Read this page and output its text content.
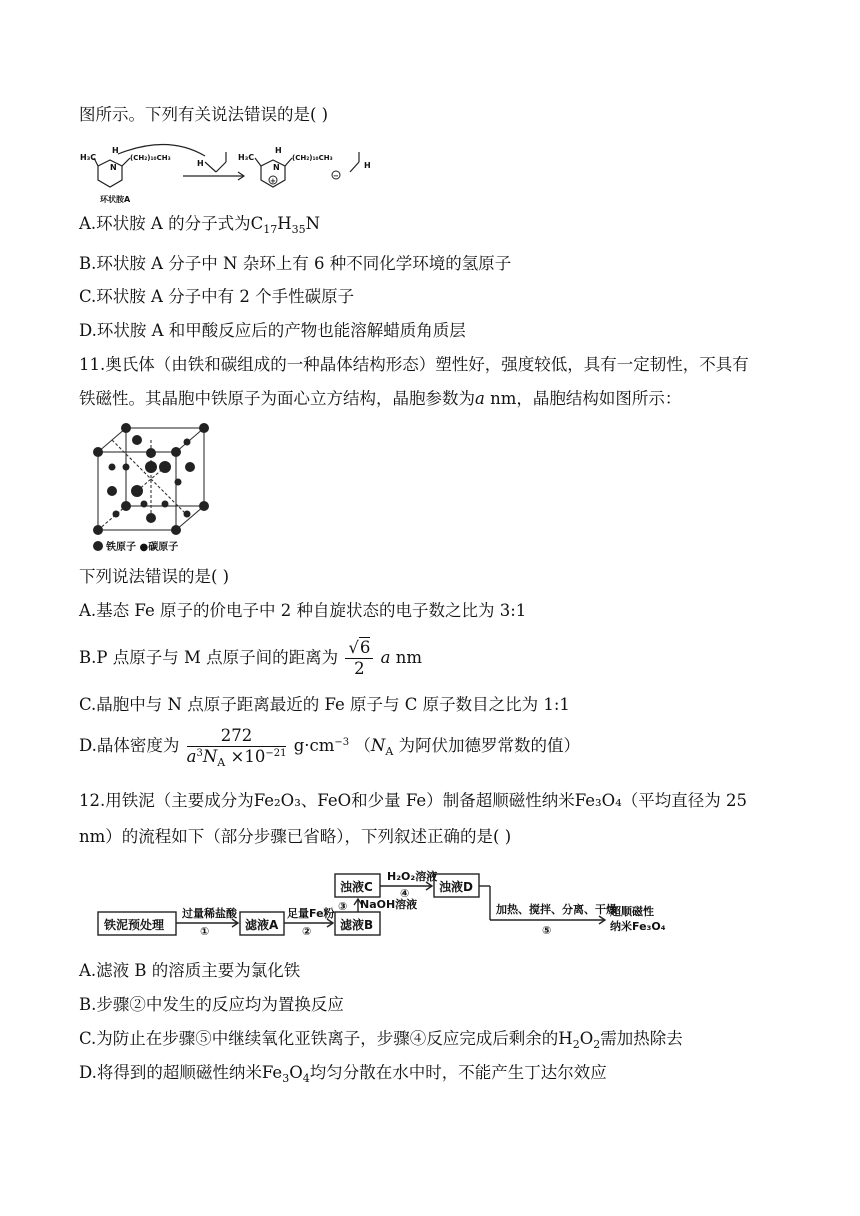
图所示。下列有关说法错误的是( )
H₃C
H
N
(CH₂)₁₀CH₃
H
环状胺A
H₃C
H
N
(CH₂)₁₀CH₃
+
−
H
A.环状胺 A 的分子式为$C_{17}H_{35}N$
B.环状胺 A 分子中 N 杂环上有 6 种不同化学环境的氢原子
C.环状胺 A 分子中有 2 个手性碳原子
D.环状胺 A 和甲酸反应后的产物也能溶解蜡质角质层
11.奥氏体（由铁和碳组成的一种晶体结构形态）塑性好，强度较低，具有一定韧性，不具有
铁磁性。其晶胞中铁原子为面心立方结构，晶胞参数为a nm，晶胞结构如图所示：
铁原子 ●碳原子
下列说法错误的是( )
A.基态 Fe 原子的价电子中 2 种自旋状态的电子数之比为 3:1
B.P 点原子与 M 点原子间的距离为 $\frac{√6}{2}$ a nm
C.晶胞中与 N 点原子距离最近的 Fe 原子与 C 原子数目之比为 1:1
D.晶体密度为 $\frac{272}{a^3N_A \times 10^{-21}} g\cdot cm^{-3}$ （$N_A$ 为阿伏加德罗常数的值）
12.用铁泥（主要成分为Fe₂O₃、FeO和少量 Fe）制备超顺磁性纳米Fe₃O₄（平均直径为 25
nm）的流程如下（部分步骤已省略），下列叙述正确的是( )
铁泥预处理
过量稀盐酸
①	滤液A
足量Fe粉
② 滤液B
③ NaOH溶液
浊液C
H₂O₂溶液
④ 浊液D
加热、搅拌、分离、干燥
⑤
超顺磁性
纳米Fe₃O₄
A.滤液 B 的溶质主要为氯化铁
B.步骤②中发生的反应均为置换反应
C.为防止在步骤⑤中继续氧化亚铁离子，步骤④反应完成后剩余的$H_2O_2$需加热除去
D.将得到的超顺磁性纳米$Fe_3O_4$均匀分散在水中时，不能产生丁达尔效应
